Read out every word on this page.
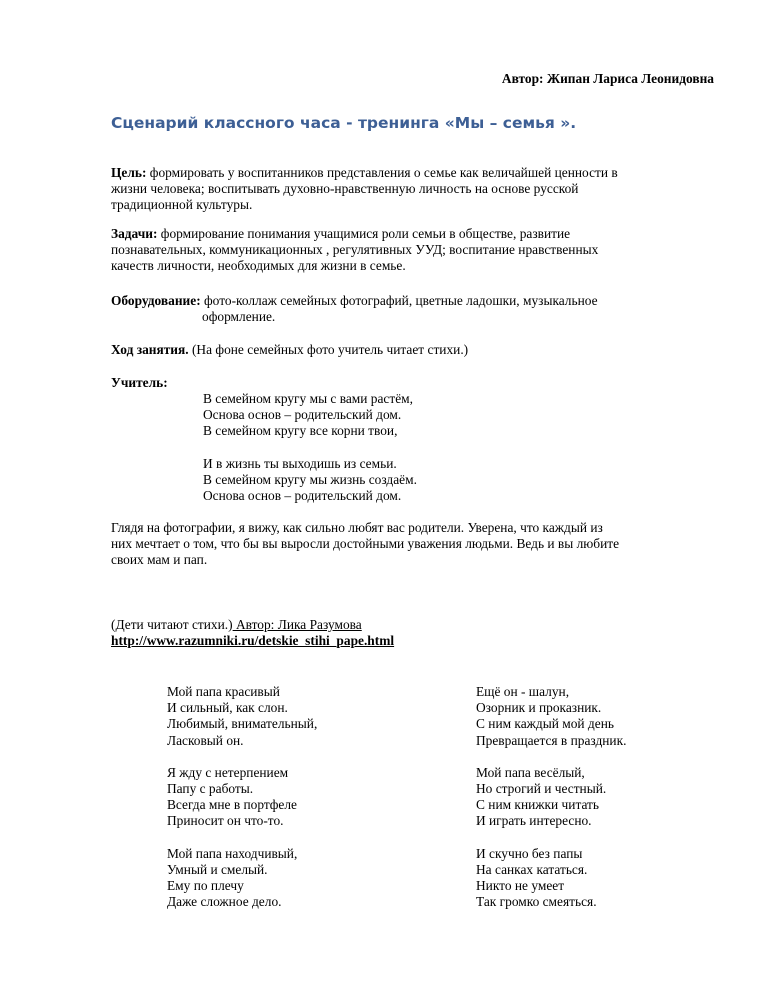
Автор: Жипан Лариса Леонидовна
Сценарий классного часа - тренинга «Мы – семья ».
Цель: формировать у воспитанников представления о семье как величайшей ценности в
жизни человека; воспитывать духовно-нравственную личность на основе русской
традиционной культуры.
Задачи: формирование понимания учащимися роли семьи в обществе, развитие
познавательных, коммуникационных , регулятивных УУД; воспитание нравственных
качеств личности, необходимых для жизни в семье.
Оборудование: фото-коллаж семейных фотографий, цветные ладошки, музыкальное
оформление.
Ход занятия. (На фоне семейных фото учитель читает стихи.)
Учитель:
В семейном кругу мы с вами растём,
Основа основ – родительский дом.
В семейном кругу все корни твои,
И в жизнь ты выходишь из семьи.
В семейном кругу мы жизнь создаём.
Основа основ – родительский дом.
Глядя на фотографии, я вижу, как сильно любят вас родители. Уверена, что каждый из
них мечтает о том, что бы вы выросли достойными уважения людьми. Ведь и вы любите
своих мам и пап.
(Дети читают стихи.) Автор: Лика Разумова
http://www.razumniki.ru/detskie_stihi_pape.html
Мой папа красивый
И сильный, как слон.
Любимый, внимательный,
Ласковый он.
Я жду с нетерпением
Папу с работы.
Всегда мне в портфеле
Приносит он что-то.
Мой папа находчивый,
Умный и смелый.
Ему по плечу
Даже сложное дело.
Ещё он - шалун,
Озорник и проказник.
С ним каждый мой день
Превращается в праздник.
Мой папа весёлый,
Но строгий и честный.
С ним книжки читать
И играть интересно.
И скучно без папы
На санках кататься.
Никто не умеет
Так громко смеяться.
